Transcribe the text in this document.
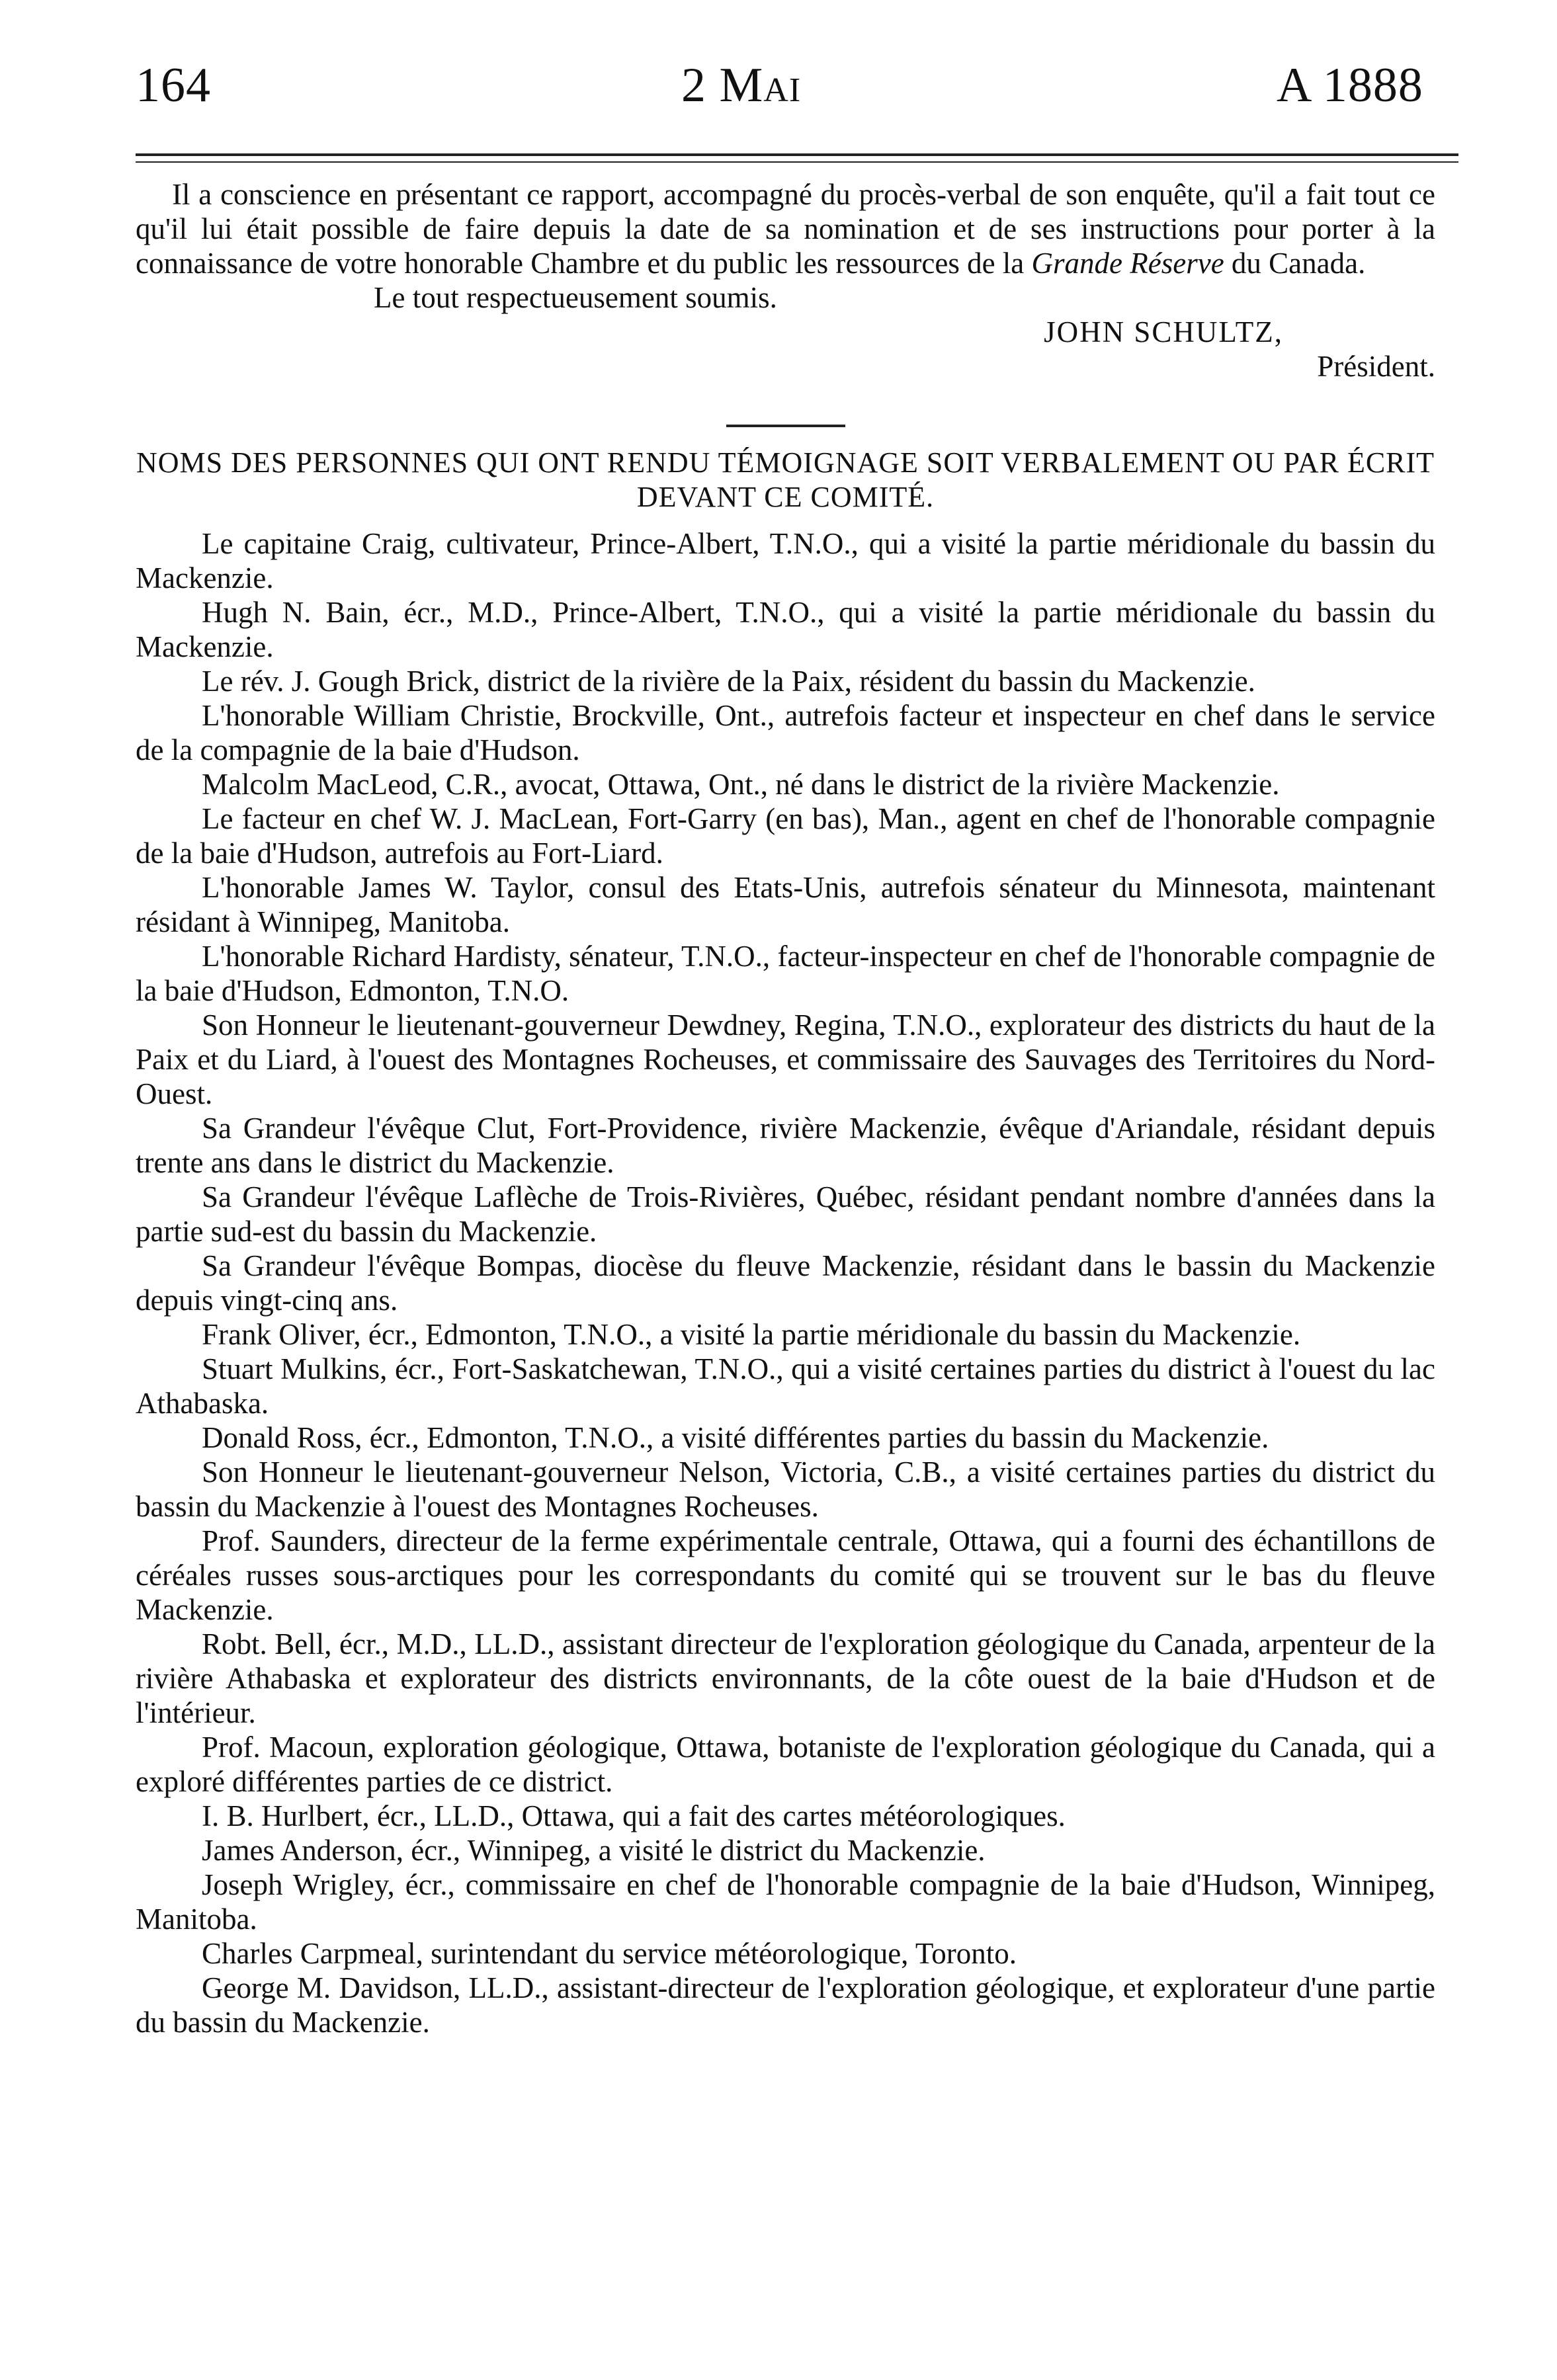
164	2 Mai	A 1888

Il a conscience en présentant ce rapport, accompagné du procès-verbal de son enquête, qu'il a fait tout ce qu'il lui était possible de faire depuis la date de sa nomination et de ses instructions pour porter à la connaissance de votre honorable Chambre et du public les ressources de la Grande Réserve du Canada.

Le tout respectueusement soumis.

JOHN SCHULTZ,

Président.

NOMS DES PERSONNES QUI ONT RENDU TÉMOIGNAGE SOIT VERBALEMENT OU PAR ÉCRIT DEVANT CE COMITÉ.

Le capitaine Craig, cultivateur, Prince-Albert, T.N.O., qui a visité la partie méridionale du bassin du Mackenzie.

Hugh N. Bain, écr., M.D., Prince-Albert, T.N.O., qui a visité la partie méridionale du bassin du Mackenzie.

Le rév. J. Gough Brick, district de la rivière de la Paix, résident du bassin du Mackenzie.

L'honorable William Christie, Brockville, Ont., autrefois facteur et inspecteur en chef dans le service de la compagnie de la baie d'Hudson.

Malcolm MacLeod, C.R., avocat, Ottawa, Ont., né dans le district de la rivière Mackenzie.

Le facteur en chef W. J. MacLean, Fort-Garry (en bas), Man., agent en chef de l'honorable compagnie de la baie d'Hudson, autrefois au Fort-Liard.

L'honorable James W. Taylor, consul des Etats-Unis, autrefois sénateur du Minnesota, maintenant résidant à Winnipeg, Manitoba.

L'honorable Richard Hardisty, sénateur, T.N.O., facteur-inspecteur en chef de l'honorable compagnie de la baie d'Hudson, Edmonton, T.N.O.

Son Honneur le lieutenant-gouverneur Dewdney, Regina, T.N.O., explorateur des districts du haut de la Paix et du Liard, à l'ouest des Montagnes Rocheuses, et commissaire des Sauvages des Territoires du Nord-Ouest.

Sa Grandeur l'évêque Clut, Fort-Providence, rivière Mackenzie, évêque d'Ariandale, résidant depuis trente ans dans le district du Mackenzie.

Sa Grandeur l'évêque Laflèche de Trois-Rivières, Québec, résidant pendant nombre d'années dans la partie sud-est du bassin du Mackenzie.

Sa Grandeur l'évêque Bompas, diocèse du fleuve Mackenzie, résidant dans le bassin du Mackenzie depuis vingt-cinq ans.

Frank Oliver, écr., Edmonton, T.N.O., a visité la partie méridionale du bassin du Mackenzie.

Stuart Mulkins, écr., Fort-Saskatchewan, T.N.O., qui a visité certaines parties du district à l'ouest du lac Athabaska.

Donald Ross, écr., Edmonton, T.N.O., a visité différentes parties du bassin du Mackenzie.

Son Honneur le lieutenant-gouverneur Nelson, Victoria, C.B., a visité certaines parties du district du bassin du Mackenzie à l'ouest des Montagnes Rocheuses.

Prof. Saunders, directeur de la ferme expérimentale centrale, Ottawa, qui a fourni des échantillons de céréales russes sous-arctiques pour les correspondants du comité qui se trouvent sur le bas du fleuve Mackenzie.

Robt. Bell, écr., M.D., LL.D., assistant directeur de l'exploration géologique du Canada, arpenteur de la rivière Athabaska et explorateur des districts environnants, de la côte ouest de la baie d'Hudson et de l'intérieur.

Prof. Macoun, exploration géologique, Ottawa, botaniste de l'exploration géologique du Canada, qui a exploré différentes parties de ce district.

I. B. Hurlbert, écr., LL.D., Ottawa, qui a fait des cartes météorologiques.

James Anderson, écr., Winnipeg, a visité le district du Mackenzie.

Joseph Wrigley, écr., commissaire en chef de l'honorable compagnie de la baie d'Hudson, Winnipeg, Manitoba.

Charles Carpmeal, surintendant du service météorologique, Toronto.

George M. Davidson, LL.D., assistant-directeur de l'exploration géologique, et explorateur d'une partie du bassin du Mackenzie.
